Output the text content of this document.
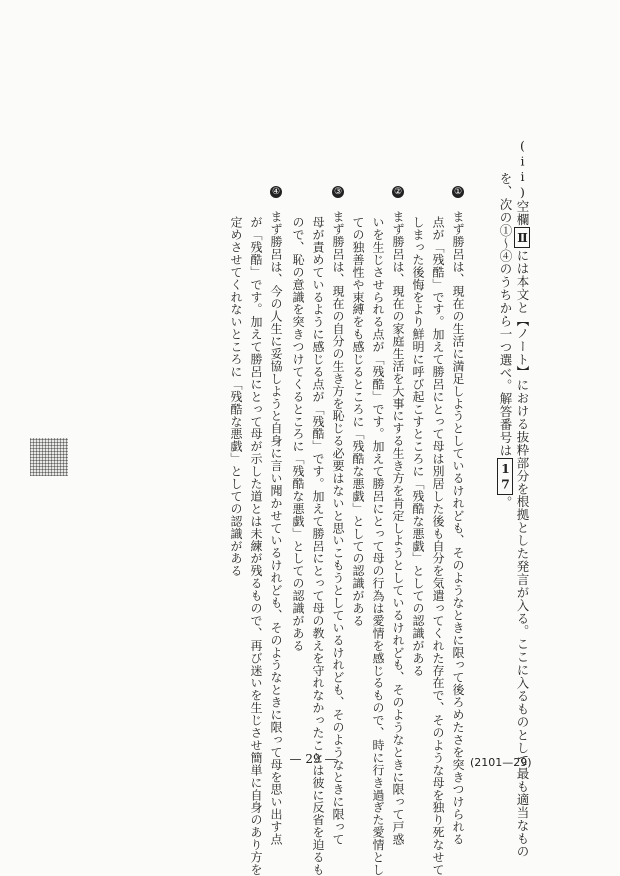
(ii)空欄Ⅱには本文と【ノート】における抜粋部分を根拠とした発言が入る。ここに入るものとして最も適当なもの
を、次の①～④のうちから一つ選べ。解答番号は17。
①　まず勝呂は、現在の生活に満足しようとしているけれども、そのようなときに限って後ろめたさを突きつけられる
点が「残酷」です。加えて勝呂にとって母は別居した後も自分を気遣ってくれた存在で、そのような母を独り死なせて
しまった後悔をより鮮明に呼び起こすところに「残酷な悪戯」としての認識がある
②　まず勝呂は、現在の家庭生活を大事にする生き方を肯定しようとしているけれども、そのようなときに限って戸惑
いを生じさせられる点が「残酷」です。加えて勝呂にとって母の行為は愛情を感じるもので、時に行き過ぎた愛情とし
ての独善性や束縛をも感じるところに「残酷な悪戯」としての認識がある
③　まず勝呂は、現在の自分の生き方を恥じる必要はないと思いこもうとしているけれども、そのようなときに限って
母が責めているように感じる点が「残酷」です。加えて勝呂にとって母の教えを守れなかったことは彼に反省を迫るも
ので、恥の意識を突きつけてくるところに「残酷な悪戯」としての認識がある
④　まず勝呂は、今の人生に妥協しようと自身に言い聞かせているけれども、そのようなときに限って母を思い出す点
が「残酷」です。加えて勝呂にとって母が示した道とは未練が残るもので、再び迷いを生じさせ簡単に自身のあり方を
定めさせてくれないところに「残酷な悪戯」としての認識がある
— 29 —	(2101—29)
